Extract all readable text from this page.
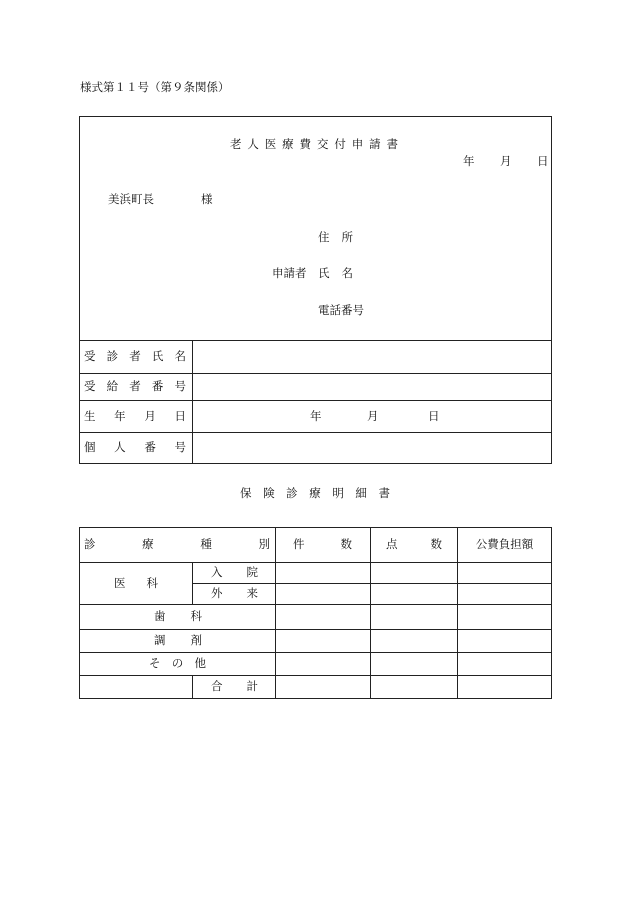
様式第１１号（第９条関係）
老 人 医 療 費 交 付 申 請 書
年 月 日
美浜町長	様
住 所
申請者 氏 名
電話番号
受 診 者 氏 名
受 給 者 番 号
生 年 月 日	年	月	日
個 人 番 号
保 険 診 療 明 細 書
診 療 種 別		件 数	点 数	公費負担額

医 科	入 院			

	外 来			

歯 科				

調 剤				

そ の 他				

	合 計			
